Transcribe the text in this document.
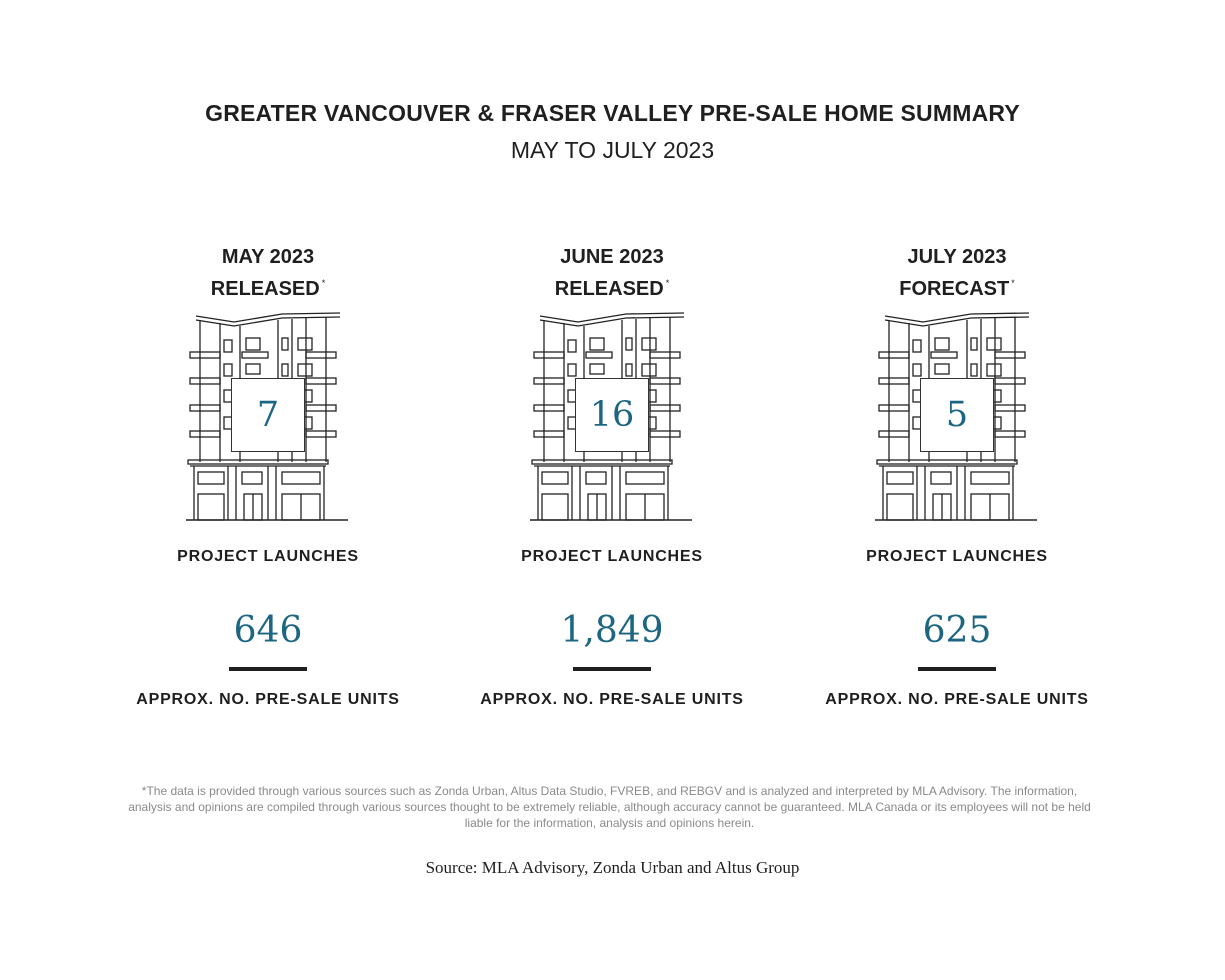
GREATER VANCOUVER & FRASER VALLEY PRE-SALE HOME SUMMARY
MAY TO JULY 2023
MAY 2023
RELEASED *
7
PROJECT LAUNCHES
646
APPROX. NO. PRE-SALE UNITS
JUNE 2023
RELEASED *
16
PROJECT LAUNCHES
1,849
APPROX. NO. PRE-SALE UNITS
JULY 2023
FORECAST *
5
PROJECT LAUNCHES
625
APPROX. NO. PRE-SALE UNITS
*The data is provided through various sources such as Zonda Urban, Altus Data Studio, FVREB, and REBGV and is analyzed and interpreted by MLA Advisory. The information, analysis and opinions are compiled through various sources thought to be extremely reliable, although accuracy cannot be guaranteed. MLA Canada or its employees will not be held liable for the information, analysis and opinions herein.
Source: MLA Advisory, Zonda Urban and Altus Group
